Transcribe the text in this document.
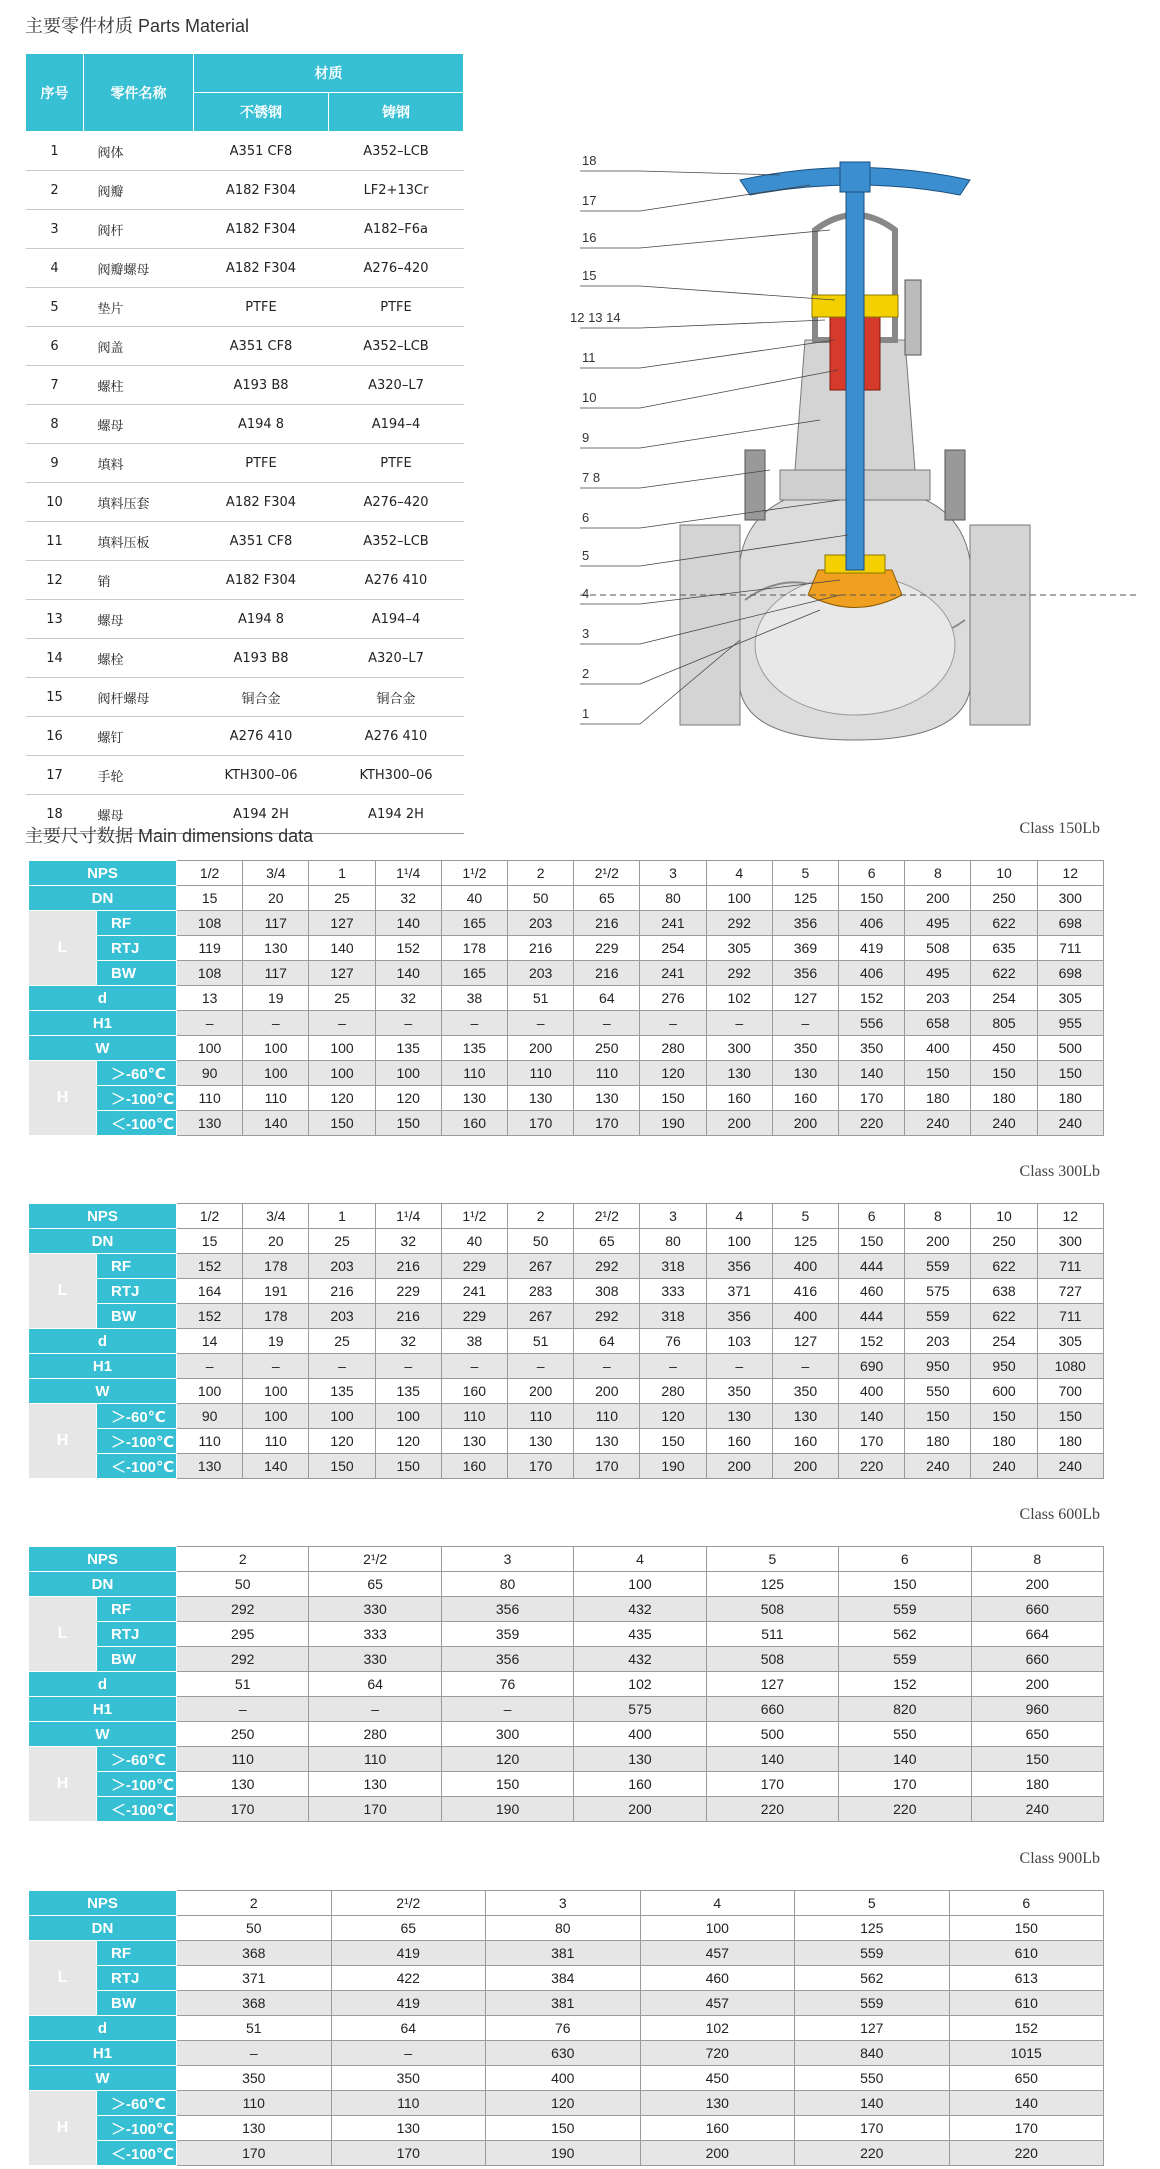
主要零件材质 Parts Material
序号	零件名称	材质	
		不锈钢	铸钢
1	阀体	A351 CF8	A352–LCB
2	阀瓣	A182 F304	LF2+13Cr
3	阀杆	A182 F304	A182–F6a
4	阀瓣螺母	A182 F304	A276–420
5	垫片	PTFE	PTFE
6	阀盖	A351 CF8	A352–LCB
7	螺柱	A193 B8	A320–L7
8	螺母	A194 8	A194–4
9	填料	PTFE	PTFE
10	填料压套	A182 F304	A276–420
11	填料压板	A351 CF8	A352–LCB
12	销	A182 F304	A276 410
13	螺母	A194 8	A194–4
14	螺栓	A193 B8	A320–L7
15	阀杆螺母	铜合金	铜合金
16	螺钉	A276 410	A276 410
17	手轮	KTH300–06	KTH300–06
18	螺母	A194 2H	A194 2H
18
17
16
15
12 13 14
11
10
9
7 8
6
5
4
3
2
1
主要尺寸数据 Main dimensions data	Class 150Lb
NPS		1/2	3/4	1	1¹/4	1¹/2	2	2¹/2	3	4	5	6	8	10	12
DN		15	20	25	32	40	50	65	80	100	125	150	200	250	300
L	RF	108	117	127	140	165	203	216	241	292	356	406	495	622	698
	RTJ	119	130	140	152	178	216	229	254	305	369	419	508	635	711
	BW	108	117	127	140	165	203	216	241	292	356	406	495	622	698
d		13	19	25	32	38	51	64	276	102	127	152	203	254	305
H1		–	–	–	–	–	–	–	–	–	–	556	658	805	955
W		100	100	100	135	135	200	250	280	300	350	350	400	450	500
H	＞-60℃	90	100	100	100	110	110	110	120	130	130	140	150	150	150
	＞-100℃	110	110	120	120	130	130	130	150	160	160	170	180	180	180
	＜-100℃	130	140	150	150	160	170	170	190	200	200	220	240	240	240
Class 300Lb
NPS		1/2	3/4	1	1¹/4	1¹/2	2	2¹/2	3	4	5	6	8	10	12
DN		15	20	25	32	40	50	65	80	100	125	150	200	250	300
L	RF	152	178	203	216	229	267	292	318	356	400	444	559	622	711
	RTJ	164	191	216	229	241	283	308	333	371	416	460	575	638	727
	BW	152	178	203	216	229	267	292	318	356	400	444	559	622	711
d		14	19	25	32	38	51	64	76	103	127	152	203	254	305
H1		–	–	–	–	–	–	–	–	–	–	690	950	950	1080
W		100	100	135	135	160	200	200	280	350	350	400	550	600	700
H	＞-60℃	90	100	100	100	110	110	110	120	130	130	140	150	150	150
	＞-100℃	110	110	120	120	130	130	130	150	160	160	170	180	180	180
	＜-100℃	130	140	150	150	160	170	170	190	200	200	220	240	240	240
Class 600Lb
NPS		2	2¹/2	3	4	5	6	8
DN		50	65	80	100	125	150	200
L	RF	292	330	356	432	508	559	660
	RTJ	295	333	359	435	511	562	664
	BW	292	330	356	432	508	559	660
d		51	64	76	102	127	152	200
H1		–	–	–	575	660	820	960
W		250	280	300	400	500	550	650
H	＞-60℃	110	110	120	130	140	140	150
	＞-100℃	130	130	150	160	170	170	180
	＜-100℃	170	170	190	200	220	220	240
Class 900Lb
NPS		2	2¹/2	3	4	5	6
DN		50	65	80	100	125	150
L	RF	368	419	381	457	559	610
	RTJ	371	422	384	460	562	613
	BW	368	419	381	457	559	610
d		51	64	76	102	127	152
H1		–	–	630	720	840	1015
W		350	350	400	450	550	650
H	＞-60℃	110	110	120	130	140	140
	＞-100℃	130	130	150	160	170	170
	＜-100℃	170	170	190	200	220	220
